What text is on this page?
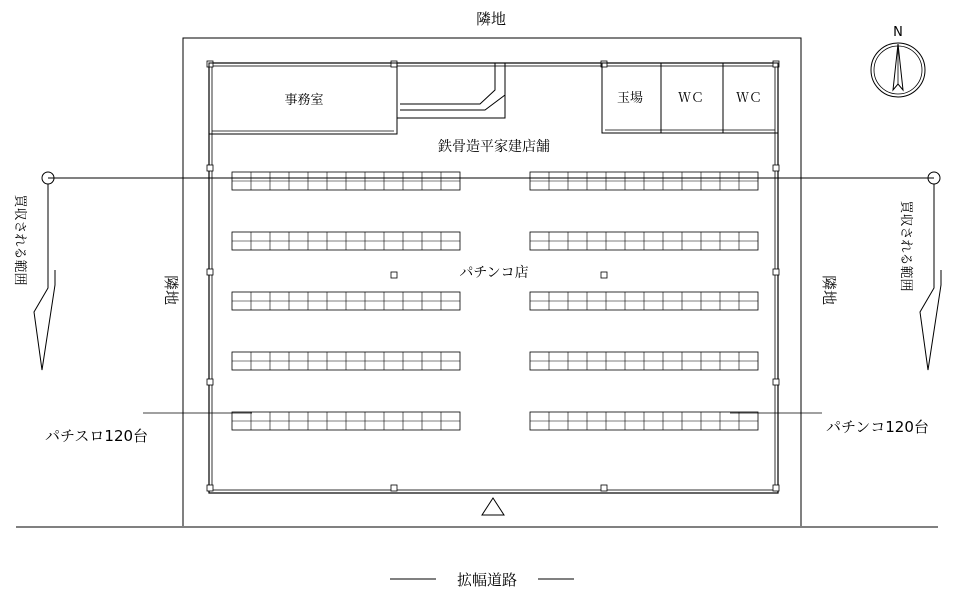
N
隣地
鉄骨造平家建店舗
パチンコ店
事務室	玉場	ＷＣ ＷＣ
パチスロ120台	パチンコ120台
拡幅道路
隣地	隣地
買収される範囲	買収される範囲
